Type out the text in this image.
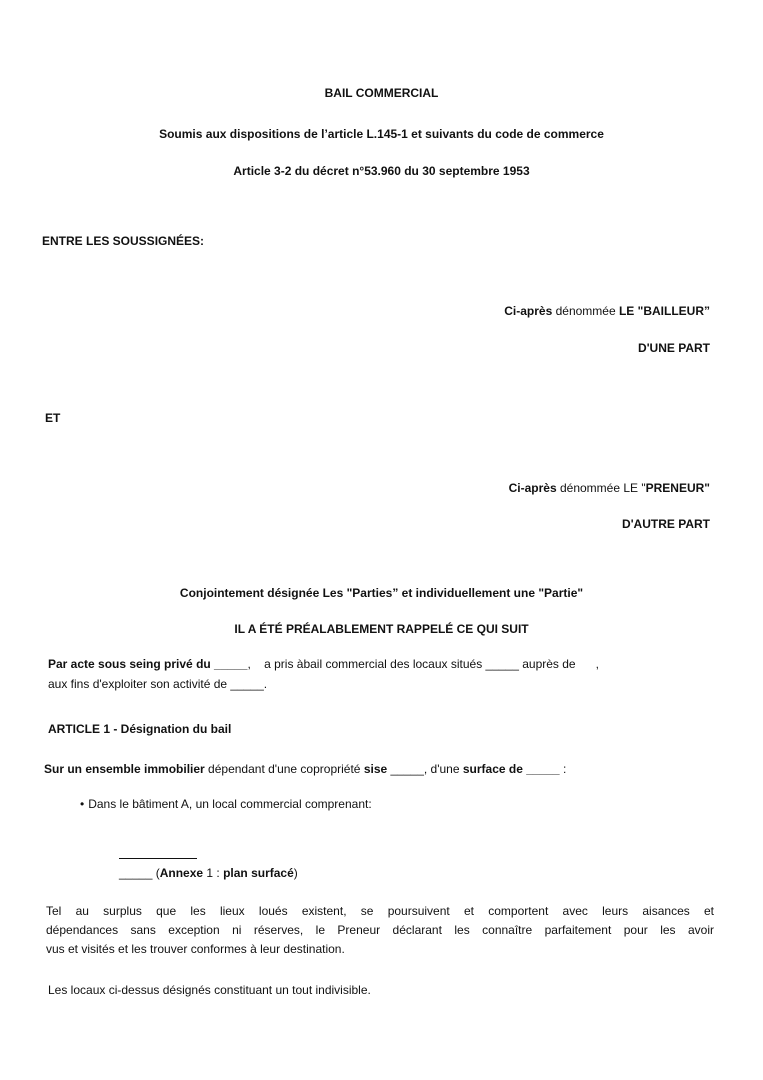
BAIL COMMERCIAL
Soumis aux dispositions de l’article L.145-1 et suivants du code de commerce
Article 3-2 du décret n°53.960 du 30 septembre 1953
ENTRE LES SOUSSIGNÉES:
Ci-après dénommée LE "BAILLEUR”
D'UNE PART
ET
Ci-après dénommée LE "PRENEUR"
D'AUTRE PART
Conjointement désignée Les "Parties” et individuellement une "Partie"
IL A ÉTÉ PRÉALABLEMENT RAPPELÉ CE QUI SUIT
Par acte sous seing privé du _____,    a pris àbail commercial des locaux situés _____ auprès de      ,
aux fins d'exploiter son activité de _____.
ARTICLE 1 - Désignation du bail
Sur un ensemble immobilier dépendant d'une copropriété sise _____, d'une surface de _____ :
• Dans le bâtiment A, un local commercial comprenant:
_____ (Annexe 1 : plan surfacé)
Tel au surplus que les lieux loués existent, se poursuivent et comportent avec leurs aisances et
dépendances sans exception ni réserves, le Preneur déclarant les connaître parfaitement pour les avoir
vus et visités et les trouver conformes à leur destination.
Les locaux ci-dessus désignés constituant un tout indivisible.
